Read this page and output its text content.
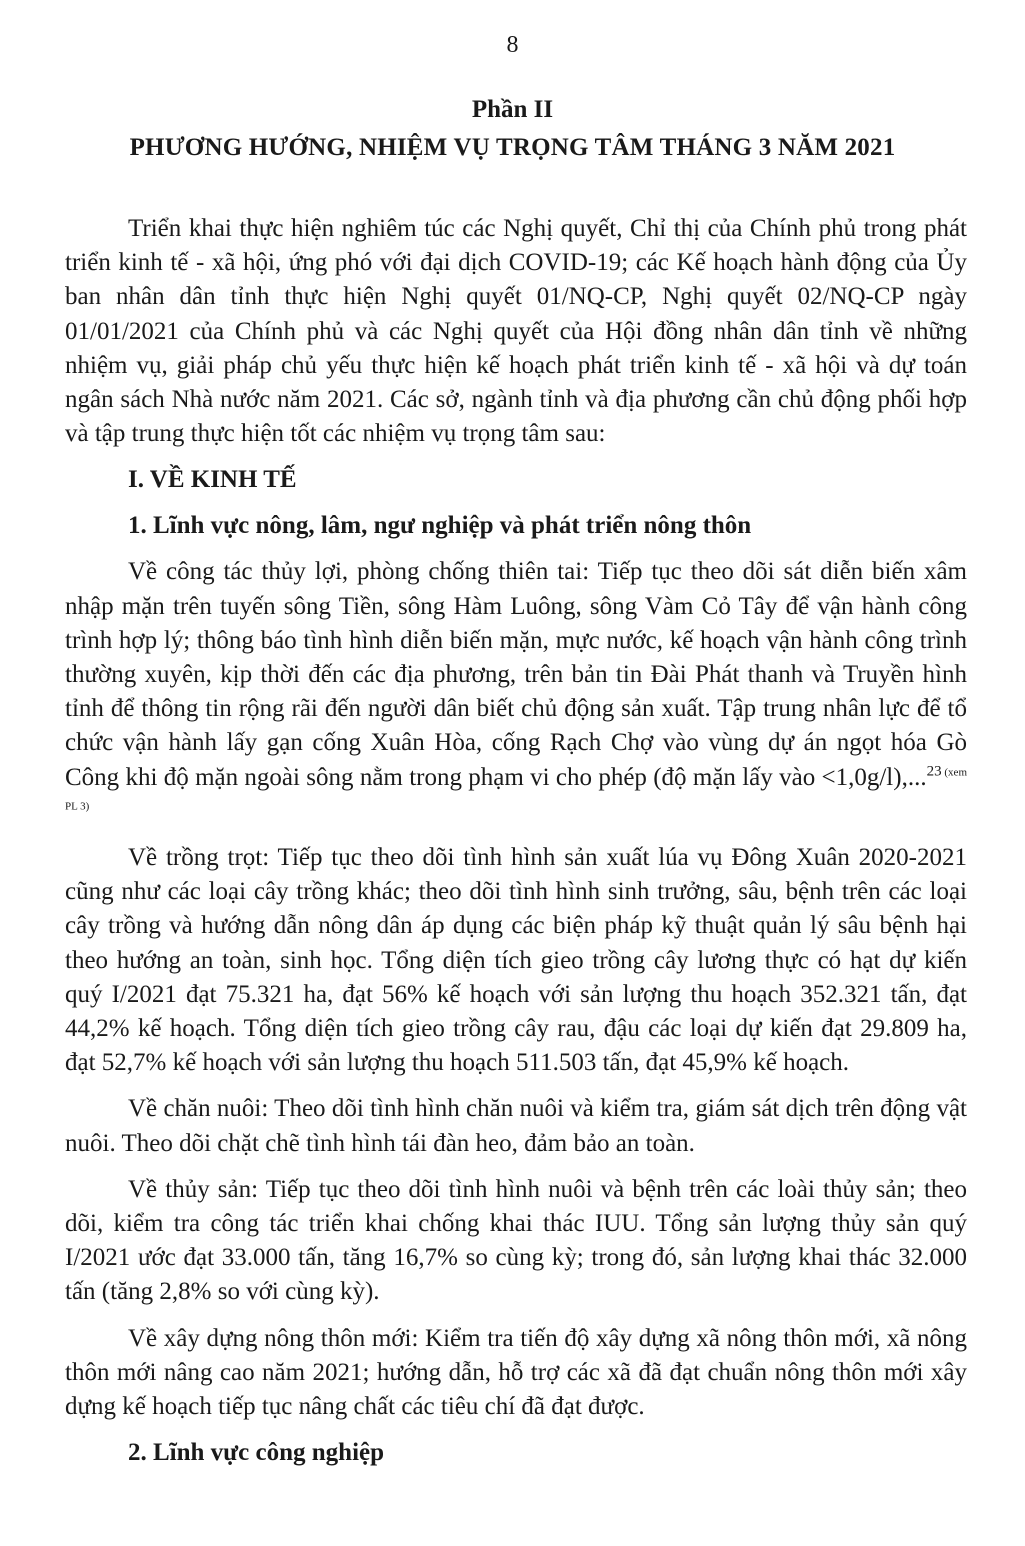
8
Phần II
PHƯƠNG HƯỚNG, NHIỆM VỤ TRỌNG TÂM THÁNG 3 NĂM 2021

Triển khai thực hiện nghiêm túc các Nghị quyết, Chỉ thị của Chính phủ trong phát triển kinh tế - xã hội, ứng phó với đại dịch COVID-19; các Kế hoạch hành động của Ủy ban nhân dân tỉnh thực hiện Nghị quyết 01/NQ-CP, Nghị quyết 02/NQ-CP ngày 01/01/2021 của Chính phủ và các Nghị quyết của Hội đồng nhân dân tỉnh về những nhiệm vụ, giải pháp chủ yếu thực hiện kế hoạch phát triển kinh tế - xã hội và dự toán ngân sách Nhà nước năm 2021. Các sở, ngành tỉnh và địa phương cần chủ động phối hợp và tập trung thực hiện tốt các nhiệm vụ trọng tâm sau:

I. VỀ KINH TẾ
1. Lĩnh vực nông, lâm, ngư nghiệp và phát triển nông thôn

Về công tác thủy lợi, phòng chống thiên tai: Tiếp tục theo dõi sát diễn biến xâm nhập mặn trên tuyến sông Tiền, sông Hàm Luông, sông Vàm Cỏ Tây để vận hành công trình hợp lý; thông báo tình hình diễn biến mặn, mực nước, kế hoạch vận hành công trình thường xuyên, kịp thời đến các địa phương, trên bản tin Đài Phát thanh và Truyền hình tỉnh để thông tin rộng rãi đến người dân biết chủ động sản xuất. Tập trung nhân lực để tổ chức vận hành lấy gạn cống Xuân Hòa, cống Rạch Chợ vào vùng dự án ngọt hóa Gò Công khi độ mặn ngoài sông nằm trong phạm vi cho phép (độ mặn lấy vào <1,0g/l),...$^{23}$ $^{(xem PL 3)}$

Về trồng trọt: Tiếp tục theo dõi tình hình sản xuất lúa vụ Đông Xuân 2020-2021 cũng như các loại cây trồng khác; theo dõi tình hình sinh trưởng, sâu, bệnh trên các loại cây trồng và hướng dẫn nông dân áp dụng các biện pháp kỹ thuật quản lý sâu bệnh hại theo hướng an toàn, sinh học. Tổng diện tích gieo trồng cây lương thực có hạt dự kiến quý I/2021 đạt 75.321 ha, đạt 56% kế hoạch với sản lượng thu hoạch 352.321 tấn, đạt 44,2% kế hoạch. Tổng diện tích gieo trồng cây rau, đậu các loại dự kiến đạt 29.809 ha, đạt 52,7% kế hoạch với sản lượng thu hoạch 511.503 tấn, đạt 45,9% kế hoạch.

Về chăn nuôi: Theo dõi tình hình chăn nuôi và kiểm tra, giám sát dịch trên động vật nuôi. Theo dõi chặt chẽ tình hình tái đàn heo, đảm bảo an toàn.

Về thủy sản: Tiếp tục theo dõi tình hình nuôi và bệnh trên các loài thủy sản; theo dõi, kiểm tra công tác triển khai chống khai thác IUU. Tổng sản lượng thủy sản quý I/2021 ước đạt 33.000 tấn, tăng 16,7% so cùng kỳ; trong đó, sản lượng khai thác 32.000 tấn (tăng 2,8% so với cùng kỳ).

Về xây dựng nông thôn mới: Kiểm tra tiến độ xây dựng xã nông thôn mới, xã nông thôn mới nâng cao năm 2021; hướng dẫn, hỗ trợ các xã đã đạt chuẩn nông thôn mới xây dựng kế hoạch tiếp tục nâng chất các tiêu chí đã đạt được.

2. Lĩnh vực công nghiệp
